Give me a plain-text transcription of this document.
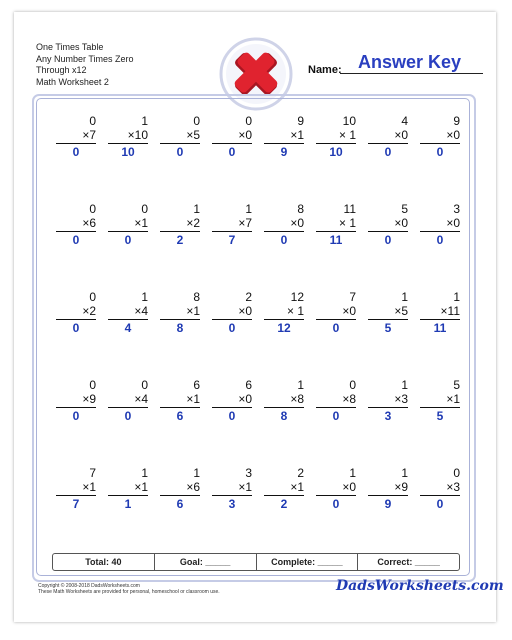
One Times Table
Any Number Times Zero
Through x12
Math Worksheet 2
Name: Answer Key
0
×7
0
1
×10
10
0
×5
0
0
×0
0
9
×1
9
10
× 1
10
4
×0
0
9
×0
0
0
×6
0
0
×1
0
1
×2
2
1
×7
7
8
×0
0
11
× 1
11
5
×0
0
3
×0
0
0
×2
0
1
×4
4
8
×1
8
2
×0
0
12
× 1
12
7
×0
0
1
×5
5
1
×11
11
0
×9
0
0
×4
0
6
×1
6
6
×0
0
1
×8
8
0
×8
0
1
×3
3
5
×1
5
7
×1
7
1
×1
1
1
×6
6
3
×1
3
2
×1
2
1
×0
0
1
×9
9
0
×3
0
Total: 40	Goal: _____	Complete: _____	Correct: _____
Copyright © 2008-2018 DadsWorksheets.com
These Math Worksheets are provided for personal, homeschool or classroom use.	DadsWorksheets.com
